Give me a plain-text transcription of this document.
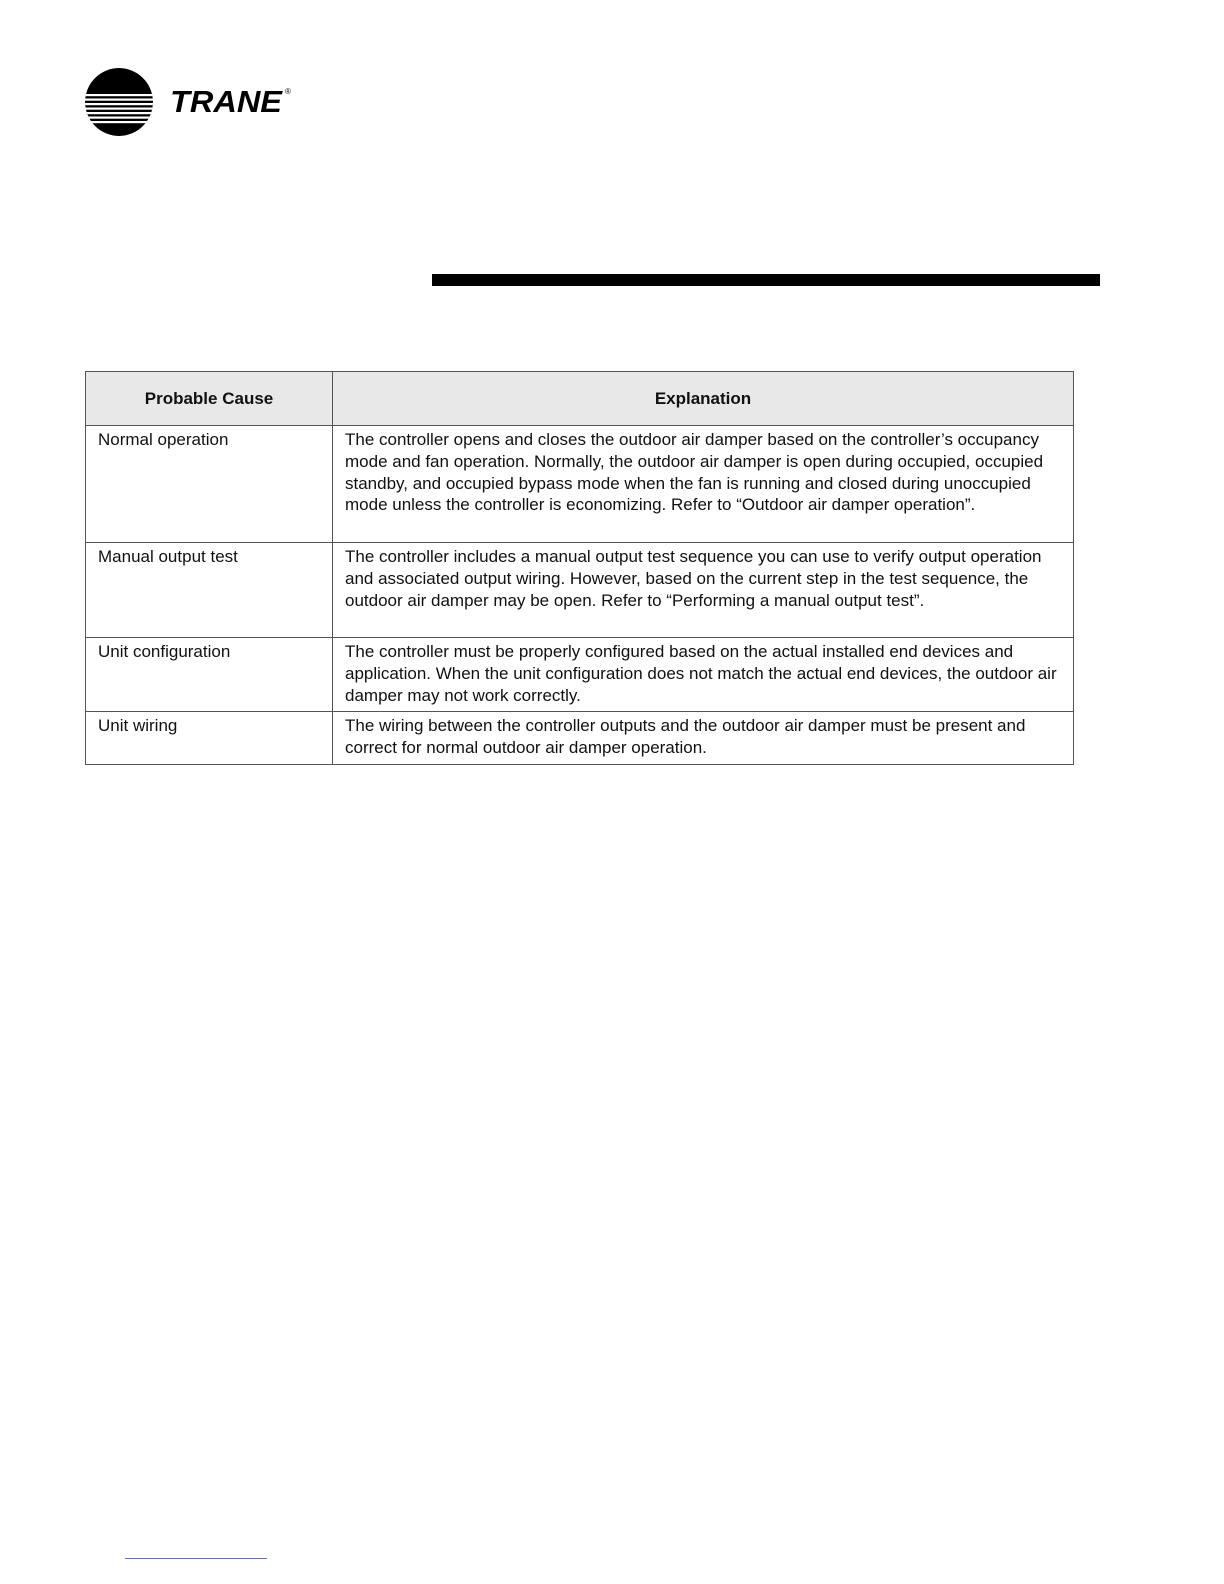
TRANE ®
Probable Cause	Explanation
Normal operation	The controller opens and closes the outdoor air damper based on the controller’s occupancy mode and fan operation. Normally, the outdoor air damper is open during occupied, occupied standby, and occupied bypass mode when the fan is running and closed during unoccupied mode unless the controller is economizing. Refer to “Outdoor air damper operation”.
Manual output test	The controller includes a manual output test sequence you can use to verify output operation and associated output wiring. However, based on the current step in the test sequence, the outdoor air damper may be open. Refer to “Performing a manual output test”.
Unit configuration	The controller must be properly configured based on the actual installed end devices and application. When the unit configuration does not match the actual end devices, the outdoor air damper may not work correctly.
Unit wiring	The wiring between the controller outputs and the outdoor air damper must be present and correct for normal outdoor air damper operation.
